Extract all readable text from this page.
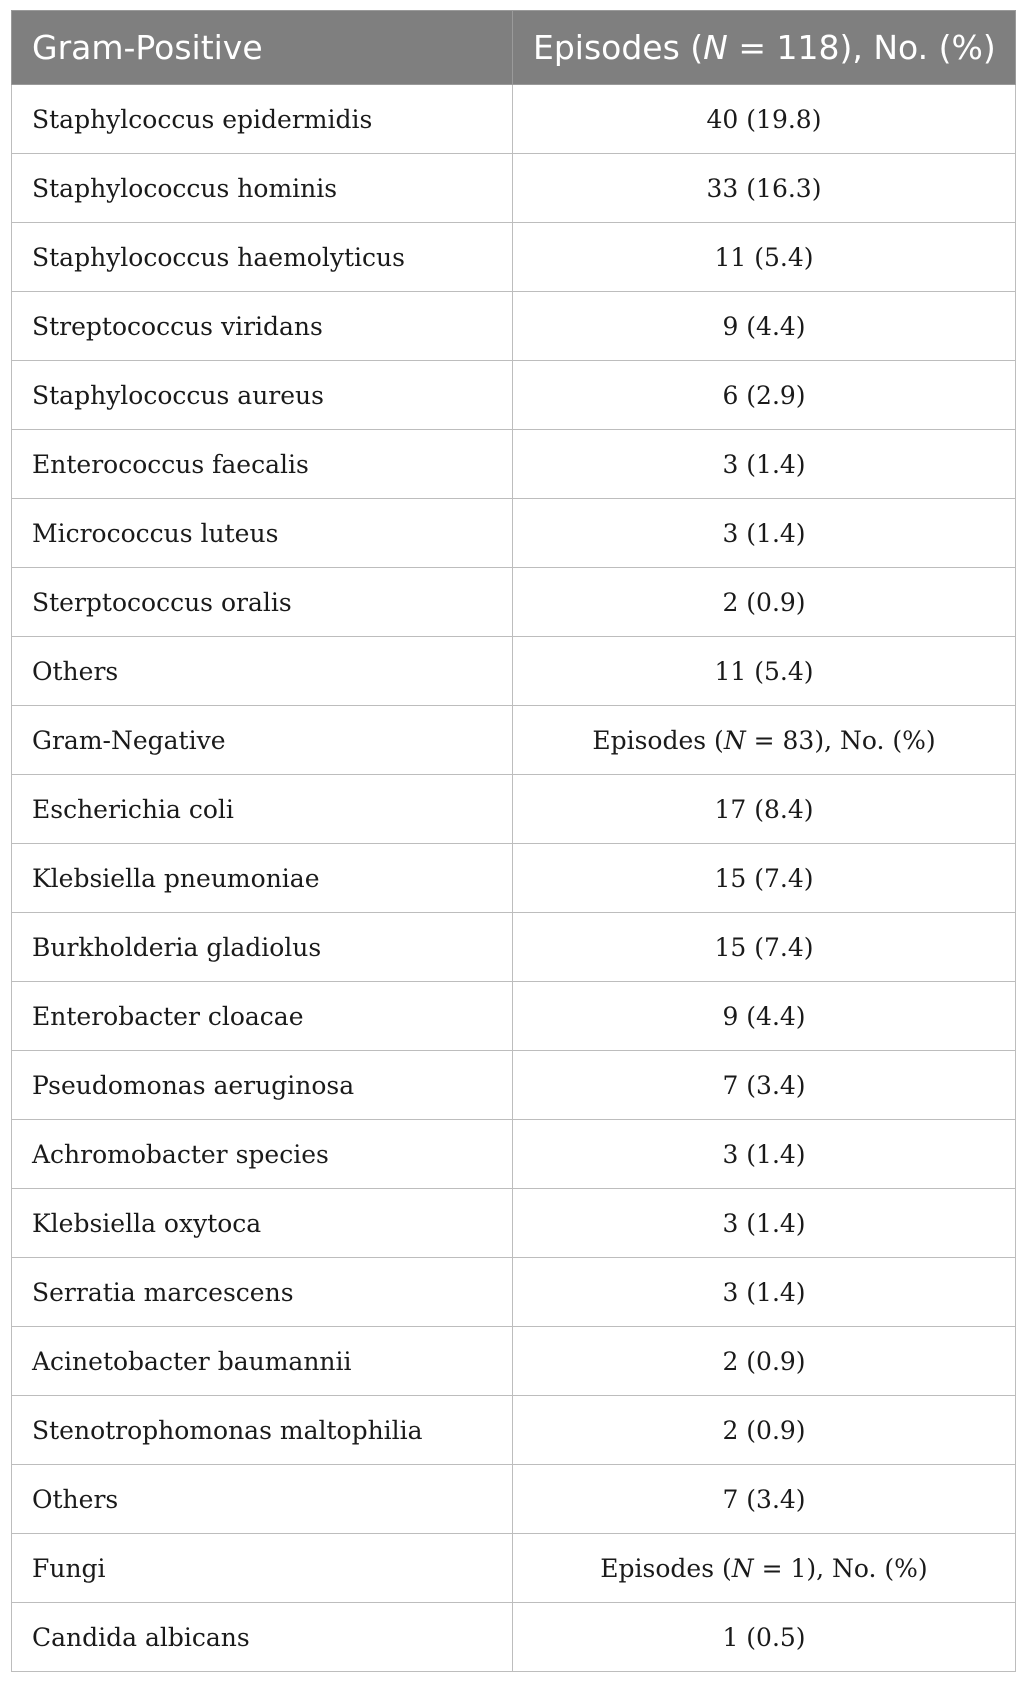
Gram-Positive	Episodes (N = 118), No. (%)
Staphylcoccus epidermidis	40 (19.8)
Staphylococcus hominis	33 (16.3)
Staphylococcus haemolyticus	11 (5.4)
Streptococcus viridans	9 (4.4)
Staphylococcus aureus	6 (2.9)
Enterococcus faecalis	3 (1.4)
Micrococcus luteus	3 (1.4)
Sterptococcus oralis	2 (0.9)
Others	11 (5.4)
Gram-Negative	Episodes (N = 83), No. (%)
Escherichia coli	17 (8.4)
Klebsiella pneumoniae	15 (7.4)
Burkholderia gladiolus	15 (7.4)
Enterobacter cloacae	9 (4.4)
Pseudomonas aeruginosa	7 (3.4)
Achromobacter species	3 (1.4)
Klebsiella oxytoca	3 (1.4)
Serratia marcescens	3 (1.4)
Acinetobacter baumannii	2 (0.9)
Stenotrophomonas maltophilia	2 (0.9)
Others	7 (3.4)
Fungi	Episodes (N = 1), No. (%)
Candida albicans	1 (0.5)
